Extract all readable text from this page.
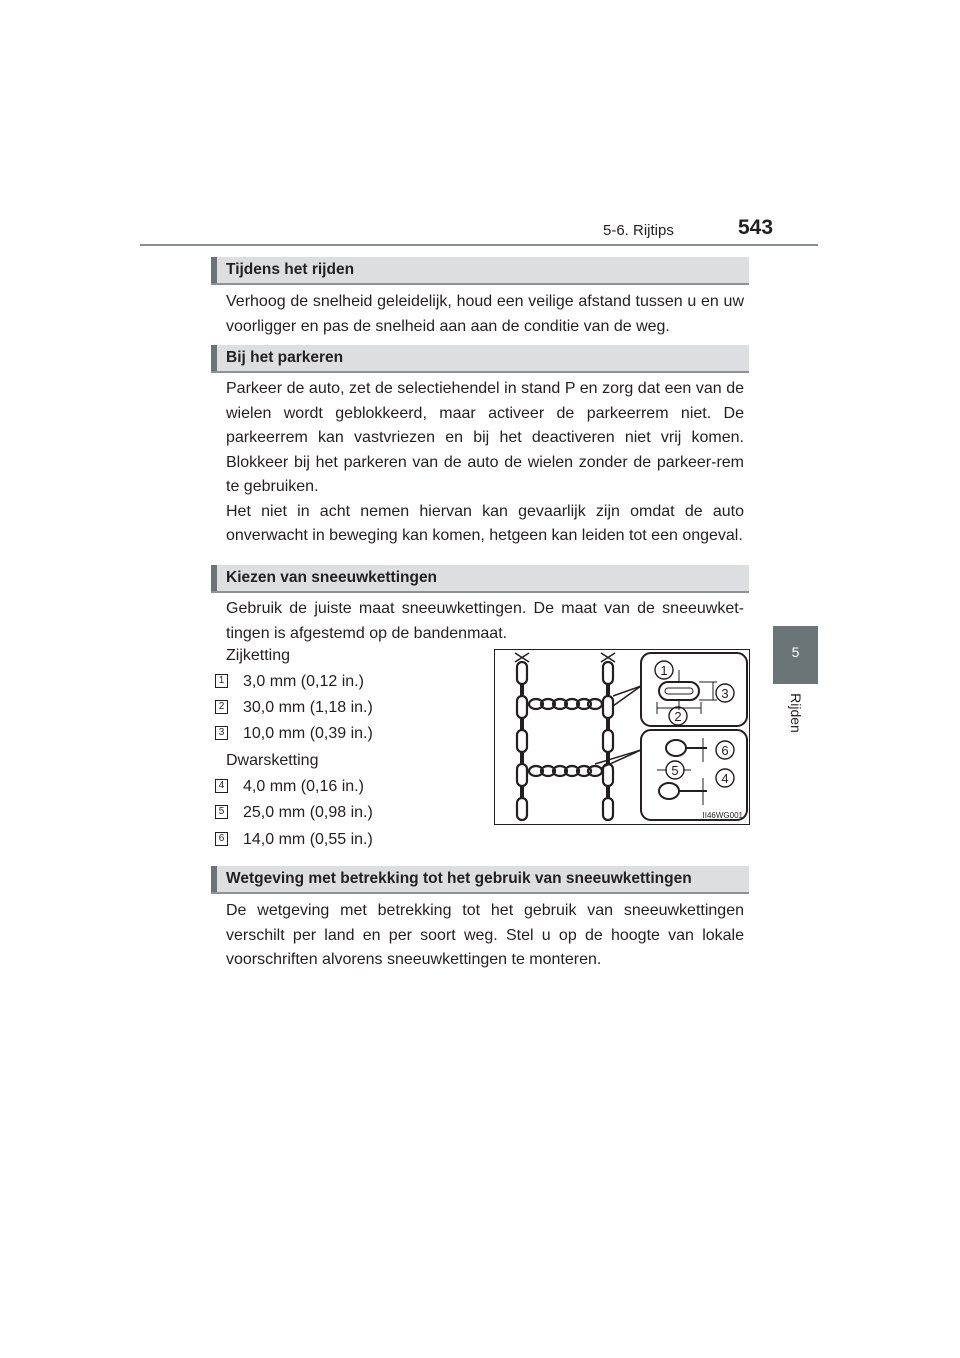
5-6. Rijtips	543
5
Rijden
Tijdens het rijden

Verhoog de snelheid geleidelijk, houd een veilige afstand tussen u en uw voorligger en pas de snelheid aan aan de conditie van de weg.

Bij het parkeren

Parkeer de auto, zet de selectiehendel in stand P en zorg dat een van de wielen wordt geblokkeerd, maar activeer de parkeerrem niet. De parkeerrem kan vastvriezen en bij het deactiveren niet vrij komen. Blokkeer bij het parkeren van de auto de wielen zonder de parkeer-rem te gebruiken.

Het niet in acht nemen hiervan kan gevaarlijk zijn omdat de auto onverwacht in beweging kan komen, hetgeen kan leiden tot een ongeval.

Kiezen van sneeuwkettingen

Gebruik de juiste maat sneeuwkettingen. De maat van de sneeuwket-tingen is afgestemd op de bandenmaat.

Zijketting
1 3,0 mm (0,12 in.)
2 30,0 mm (1,18 in.)
3 10,0 mm (0,39 in.)
Dwarsketting
4 4,0 mm (0,16 in.)
5 25,0 mm (0,98 in.)
6 14,0 mm (0,55 in.)
1
2
3
4
5
6
II46WG001
Wetgeving met betrekking tot het gebruik van sneeuwkettingen

De wetgeving met betrekking tot het gebruik van sneeuwkettingen verschilt per land en per soort weg. Stel u op de hoogte van lokale voorschriften alvorens sneeuwkettingen te monteren.
